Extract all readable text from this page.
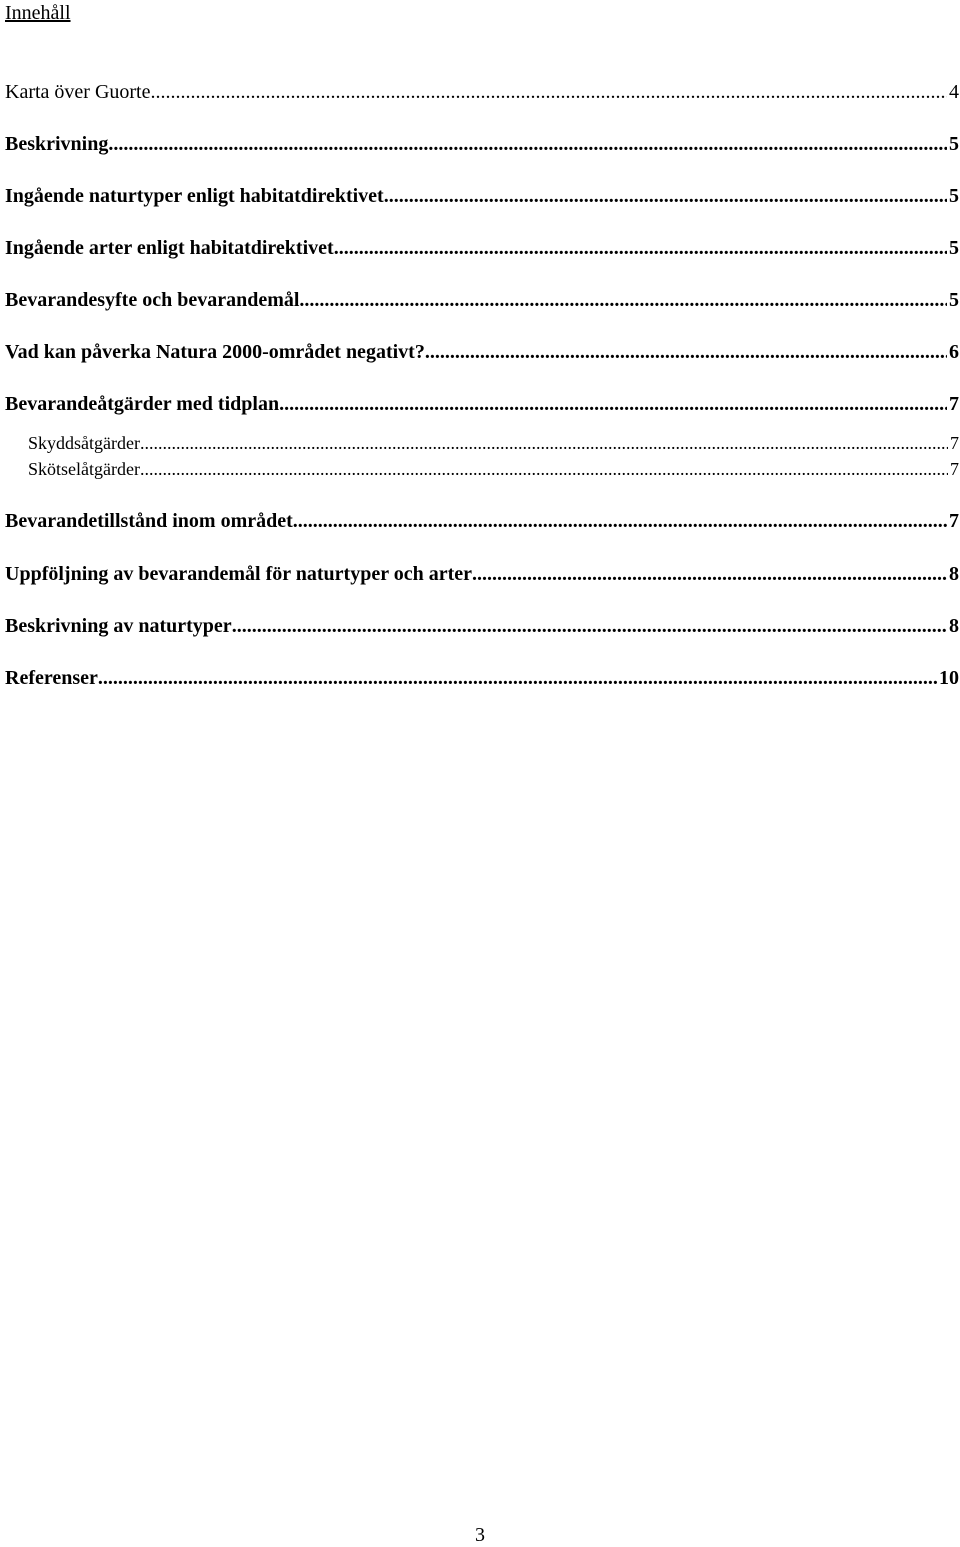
Innehåll
Karta över Guorte .....	4
Beskrivning .....	5
Ingående naturtyper enligt habitatdirektivet .....	5
Ingående arter enligt habitatdirektivet .....	5
Bevarandesyfte och bevarandemål .....	5
Vad kan påverka Natura 2000-området negativt? .....	6
Bevarandeåtgärder med tidplan .....	7
Skyddsåtgärder .....	7
Skötselåtgärder .....	7
Bevarandetillstånd inom området .....	7
Uppföljning av bevarandemål för naturtyper och arter .....	8
Beskrivning av naturtyper .....	8
Referenser .....	10
3
